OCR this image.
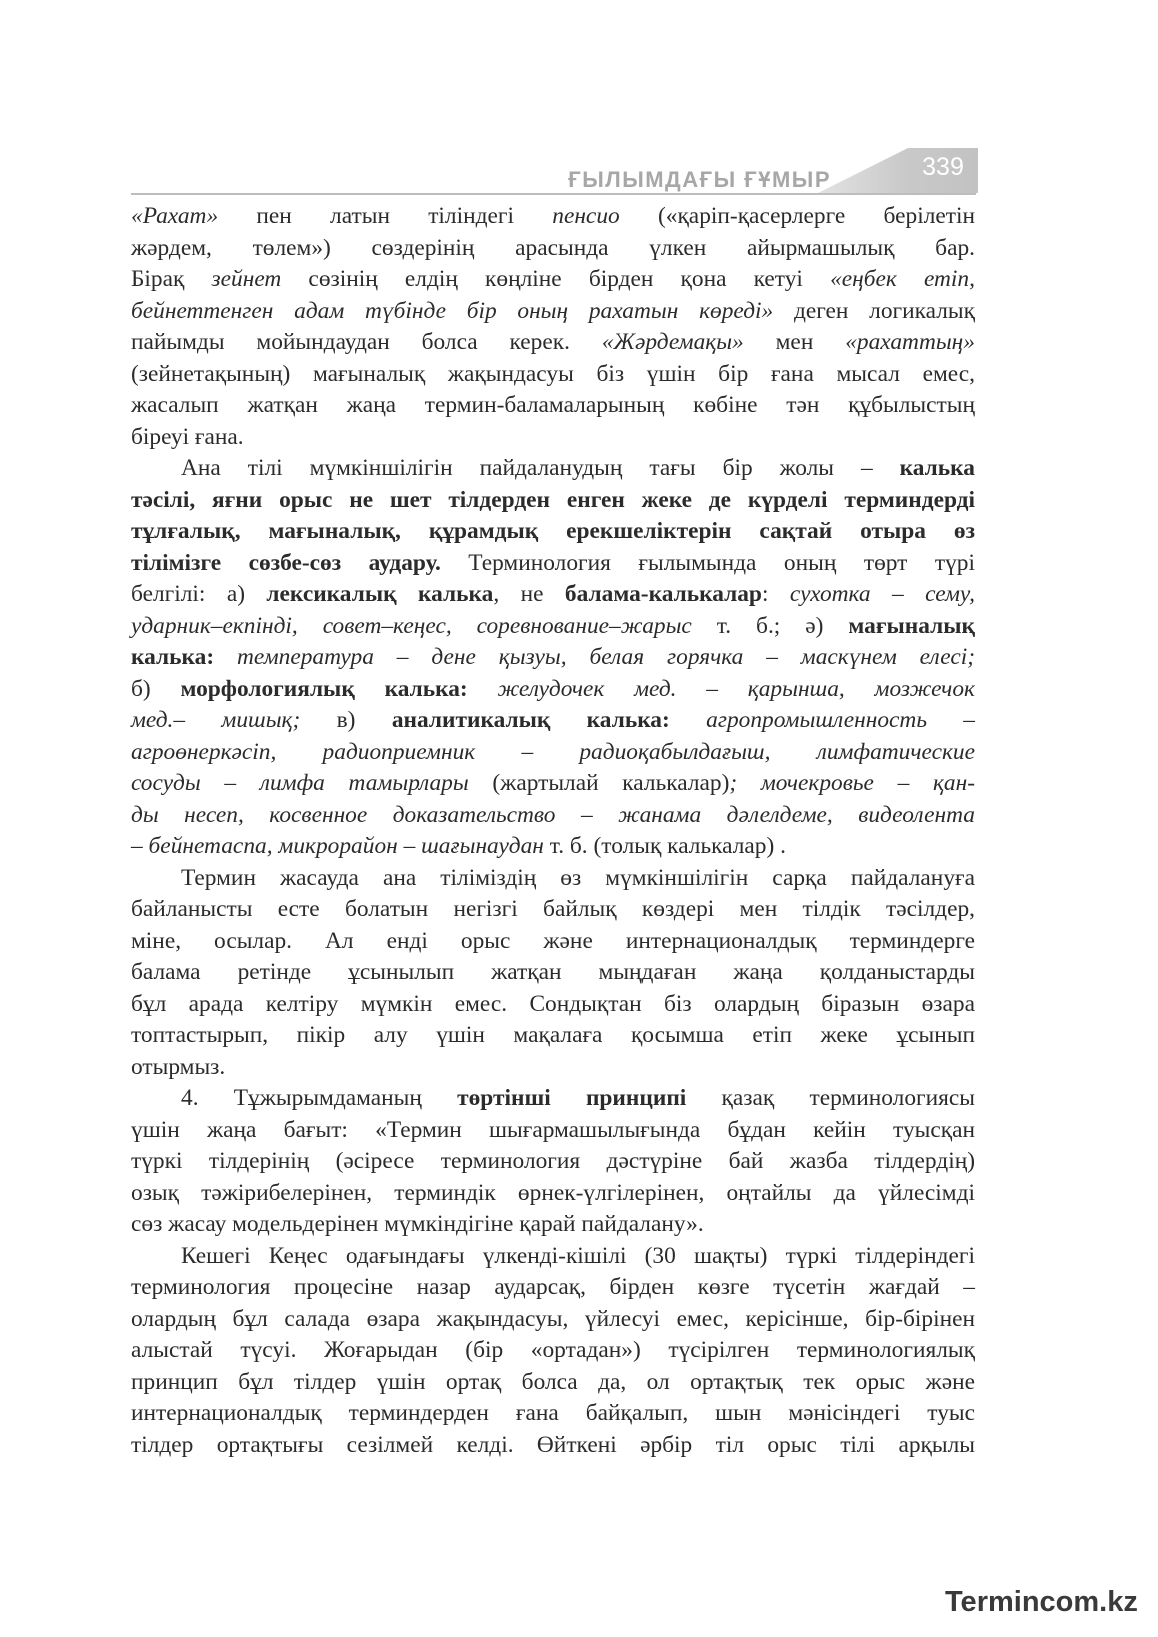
ҒЫЛЫМДАҒЫ ҒҰМЫР	339
«Рахат» пен латын тіліндегі пенсио («қаріп-қасерлерге берілетін
жәрдем, төлем») сөздерінің арасында үлкен айырмашылық бар.
Бірақ зейнет сөзінің елдің көңліне бірден қона кетуі «еңбек етіп,
бейнеттенген адам түбінде бір оның рахатын көреді» деген логикалық
пайымды мойындаудан болса керек. «Жәрдемақы» мен «рахаттың»
(зейнетақының) мағыналық жақындасуы біз үшін бір ғана мысал емес,
жасалып жатқан жаңа термин-баламаларының көбіне тән құбылыстың
біреуі ғана.
Ана тілі мүмкіншілігін пайдаланудың тағы бір жолы – калька
тәсілі, яғни орыс не шет тілдерден енген жеке де күрделі терминдерді
тұлғалық, мағыналық, құрамдық ерекшеліктерін сақтай отыра өз
тілімізге сөзбе-сөз аудару. Терминология ғылымында оның төрт түрі
белгілі: а) лексикалық калька, не балама-калькалар: сухотка – сему,
ударник–екпінді, совет–кеңес, соревнование–жарыс т. б.; ә) мағыналық
калька: температура – дене қызуы, белая горячка – маскүнем елесі;
б) морфологиялық калька: желудочек мед. – қарынша, мозжечок
мед.– мишық; в) аналитикалық калька: агропромышленность –
агроөнеркәсіп, радиоприемник – радиоқабылдағыш, лимфатические
сосуды – лимфа тамырлары (жартылай калькалар); мочекровье – қан-
ды несеп, косвенное доказательство – жанама дәлелдеме, видеолента
– бейнетаспа, микрорайон – шағынаудан т. б. (толық калькалар) .
Термин жасауда ана тіліміздің өз мүмкіншілігін сарқа пайдалануға
байланысты есте болатын негізгі байлық көздері мен тілдік тәсілдер,
міне, осылар. Ал енді орыс және интернационалдық терминдерге
балама ретінде ұсынылып жатқан мыңдаған жаңа қолданыстарды
бұл арада келтіру мүмкін емес. Сондықтан біз олардың біразын өзара
топтастырып, пікір алу үшін мақалаға қосымша етіп жеке ұсынып
отырмыз.
4. Тұжырымдаманың төртінші принципі қазақ терминологиясы
үшін жаңа бағыт: «Термин шығармашылығында бұдан кейін туысқан
түркі тілдерінің (әсіресе терминология дәстүріне бай жазба тілдердің)
озық тәжірибелерінен, терминдік өрнек-үлгілерінен, оңтайлы да үйлесімді
сөз жасау модельдерінен мүмкіндігіне қарай пайдалану».
Кешегі Кеңес одағындағы үлкенді-кішілі (30 шақты) түркі тілдеріндегі
терминология процесіне назар аударсақ, бірден көзге түсетін жағдай –
олардың бұл салада өзара жақындасуы, үйлесуі емес, керісінше, бір-бірінен
алыстай түсуі. Жоғарыдан (бір «ортадан») түсірілген терминологиялық
принцип бұл тілдер үшін ортақ болса да, ол ортақтық тек орыс және
интернационалдық терминдерден ғана байқалып, шын мәнісіндегі туыс
тілдер ортақтығы сезілмей келді. Өйткені әрбір тіл орыс тілі арқылы
Termincom.kz
